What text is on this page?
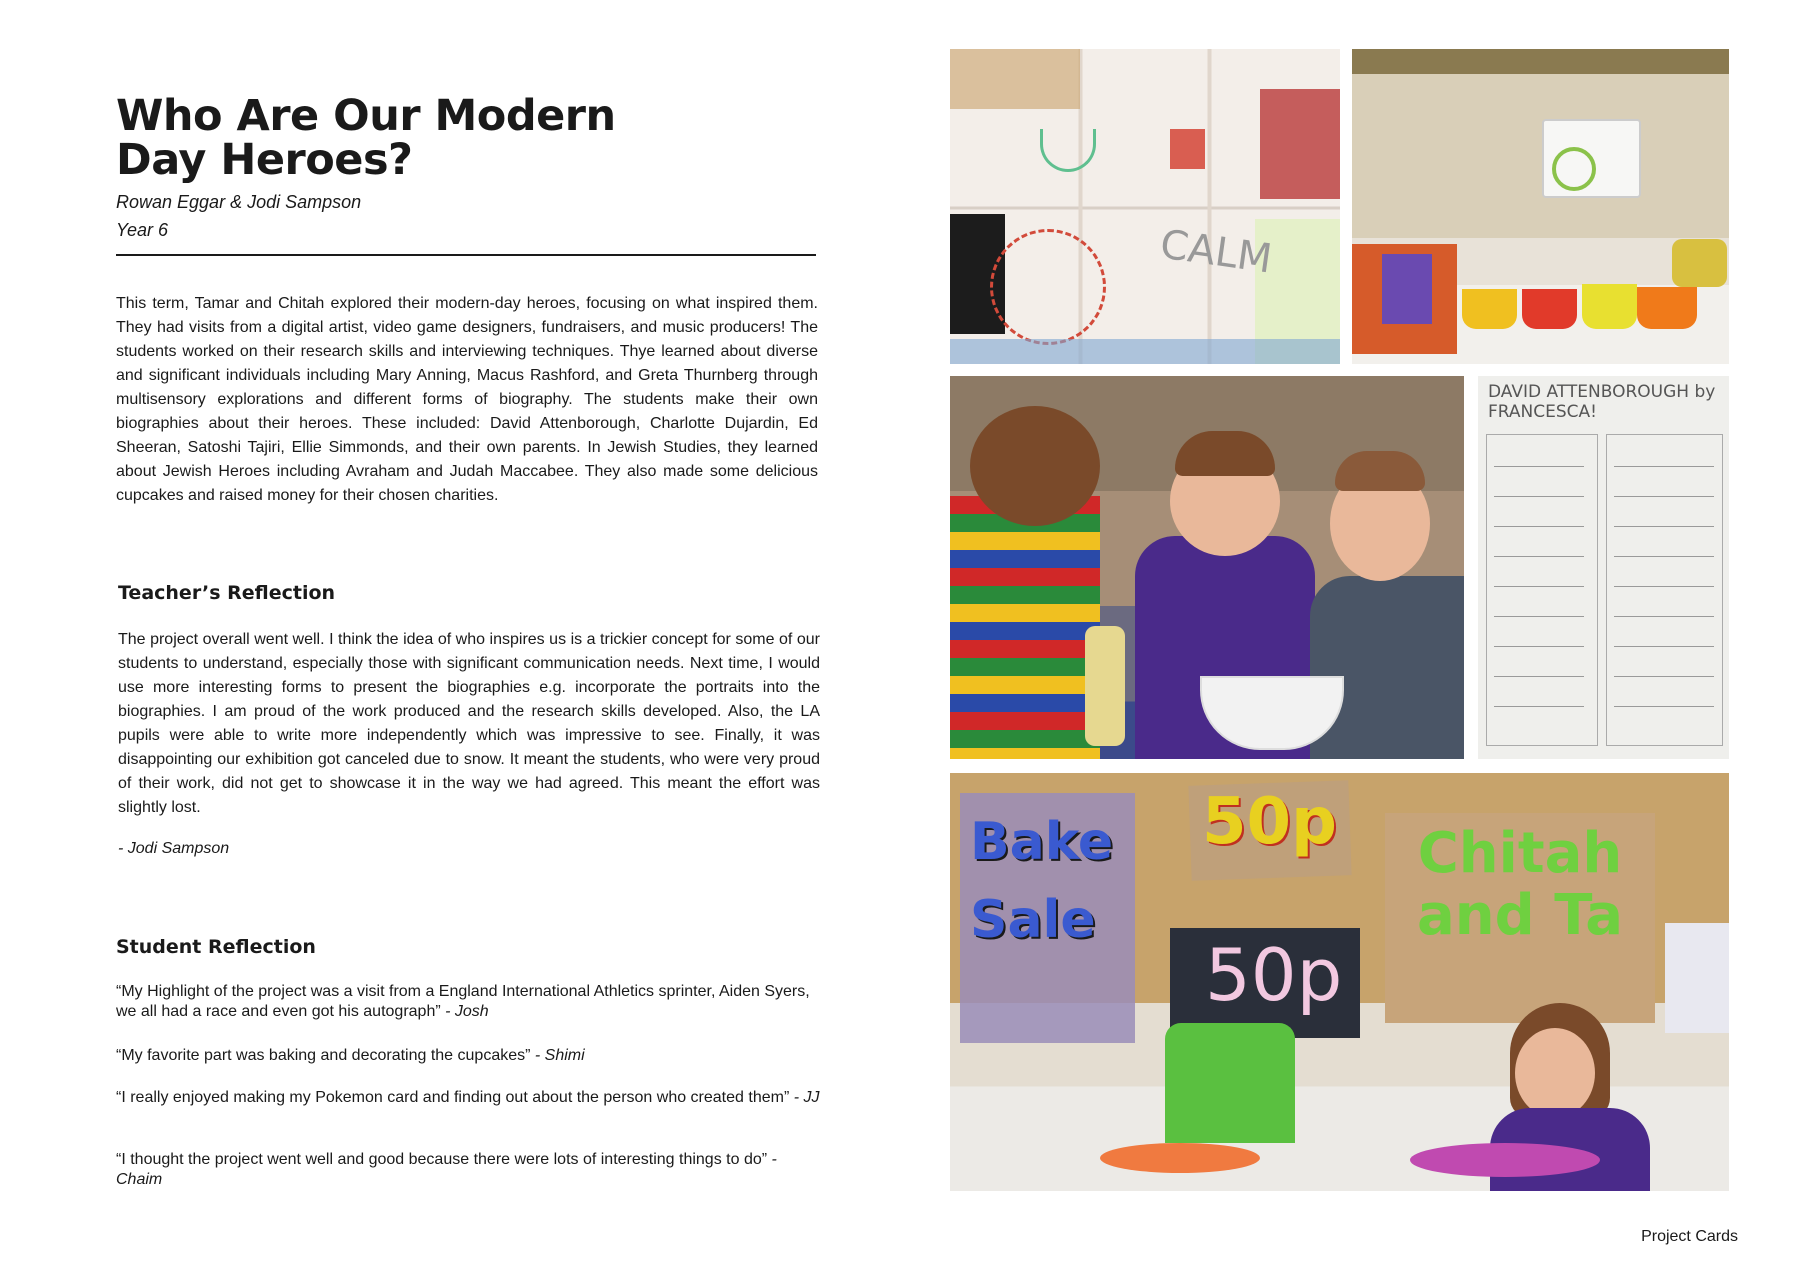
Who Are Our Modern
Day Heroes?

Rowan Eggar & Jodi Sampson

Year 6

This term, Tamar and Chitah explored their modern-day heroes, focusing on what inspired them. They had visits from a digital artist, video game designers, fundraisers, and music producers! The students worked on their research skills and interviewing techniques. Thye learned about diverse and significant individuals including Mary Anning, Macus Rashford, and Greta Thurnberg through multisensory explorations and different forms of biography. The students make their own biographies about their heroes. These included: David Attenborough, Charlotte Dujardin, Ed Sheeran, Satoshi Tajiri, Ellie Simmonds, and their own parents. In Jewish Studies, they learned about Jewish Heroes including Avraham and Judah Maccabee. They also made some delicious cupcakes and raised money for their chosen charities.
Teacher’s Reflection
The project overall went well. I think the idea of who inspires us is a trickier concept for some of our students to understand, especially those with significant communication needs. Next time, I would use more interesting forms to present the biographies e.g. incorporate the portraits into the biographies. I am proud of the work produced and the research skills developed. Also, the LA pupils were able to write more independently which was impressive to see. Finally, it was disappointing our exhibition got canceled due to snow. It meant the students, who were very proud of their work, did not get to showcase it in the way we had agreed. This meant the effort was slightly lost.
- Jodi Sampson
Student Reflection
“My Highlight of the project was a visit from a England International Athletics sprinter, Aiden Syers, we all had a race and even got his autograph” - Josh
“My favorite part was baking and decorating the cupcakes” - Shimi
“I really enjoyed making my Pokemon card and finding out about the person who created them” - JJ
“I thought the project went well and good because there were lots of interesting things to do” - Chaim
CALM
DAVID ATTENBOROUGH by FRANCESCA!
Bake Sale
50p
50p
Chitah and Ta
Project Cards
